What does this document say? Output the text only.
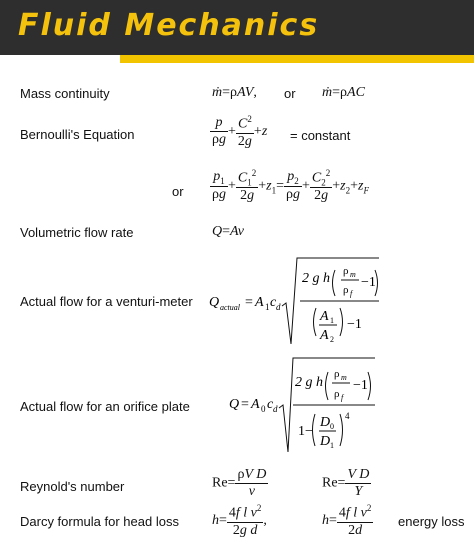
Fluid Mechanics
Mass continuity	ṁ=ρAV, or ṁ=ρAC
Bernoulli's Equation	$\frac{p}{\rho g} + \frac{C^2}{2g} +z$ = constant
or $\frac{p_1}{\rho g} + \frac{C_1^2}{2g} +z_1= \frac{p_2}{\rho g} + \frac{C_2^2}{2g} +z_2+z_F$
Volumetric flow rate	Q=Av
Actual flow for a venturi-meter Q actual = A 1 c d
2 g h ρ m
ρ f
−1
A 1
A 2
−1
Actual flow for an orifice plate	Q = A 0 c d
2 g h
ρ m
ρ f
−1
1−
D 0
D 1
4
Reynold's number	$Re= \frac{\text{ρV D}}{v}$	$Re= \frac{\text{V D}}{Y}$
Darcy formula for head loss $h= \frac{4f l v^2}{\text{2g d}}$ ,	$h= \frac{4f l v^2}{2d}$ energy loss
